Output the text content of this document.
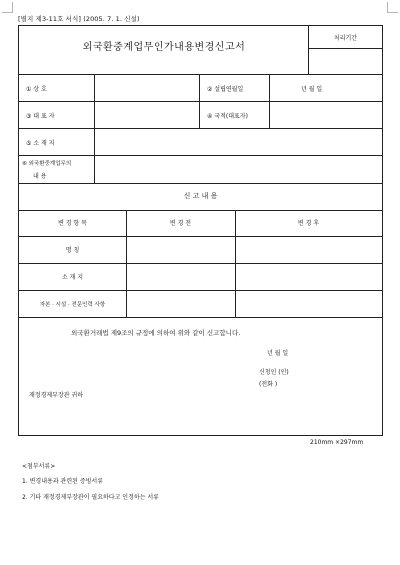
[별지 제3-11호 서식] (2005. 7. 1. 신설)
외국환중계업무인가내용변경신고서
처리기간
① 상 호	② 설립연월일	년 월 일
③ 대 표 자	④ 국적(대표자)
⑤ 소 재 지
⑥ 외국환중계업무의
내 용
신 고 내 용
변 경 항 목	변 경 전	변 경 후
명 칭
소 재 지
자본 · 시설 · 전문인력 사항
외국환거래법 제9조의 규정에 의하여 위와 같이 신고합니다.
년 월 일
신청인 (인)
(전화 )
재정경제부장관 귀하
210mm ×297mm
<첨부서류>
1. 변경내용과 관련된 증빙서류
2. 기타 재정경제부장관이 필요하다고 인정하는 서류
